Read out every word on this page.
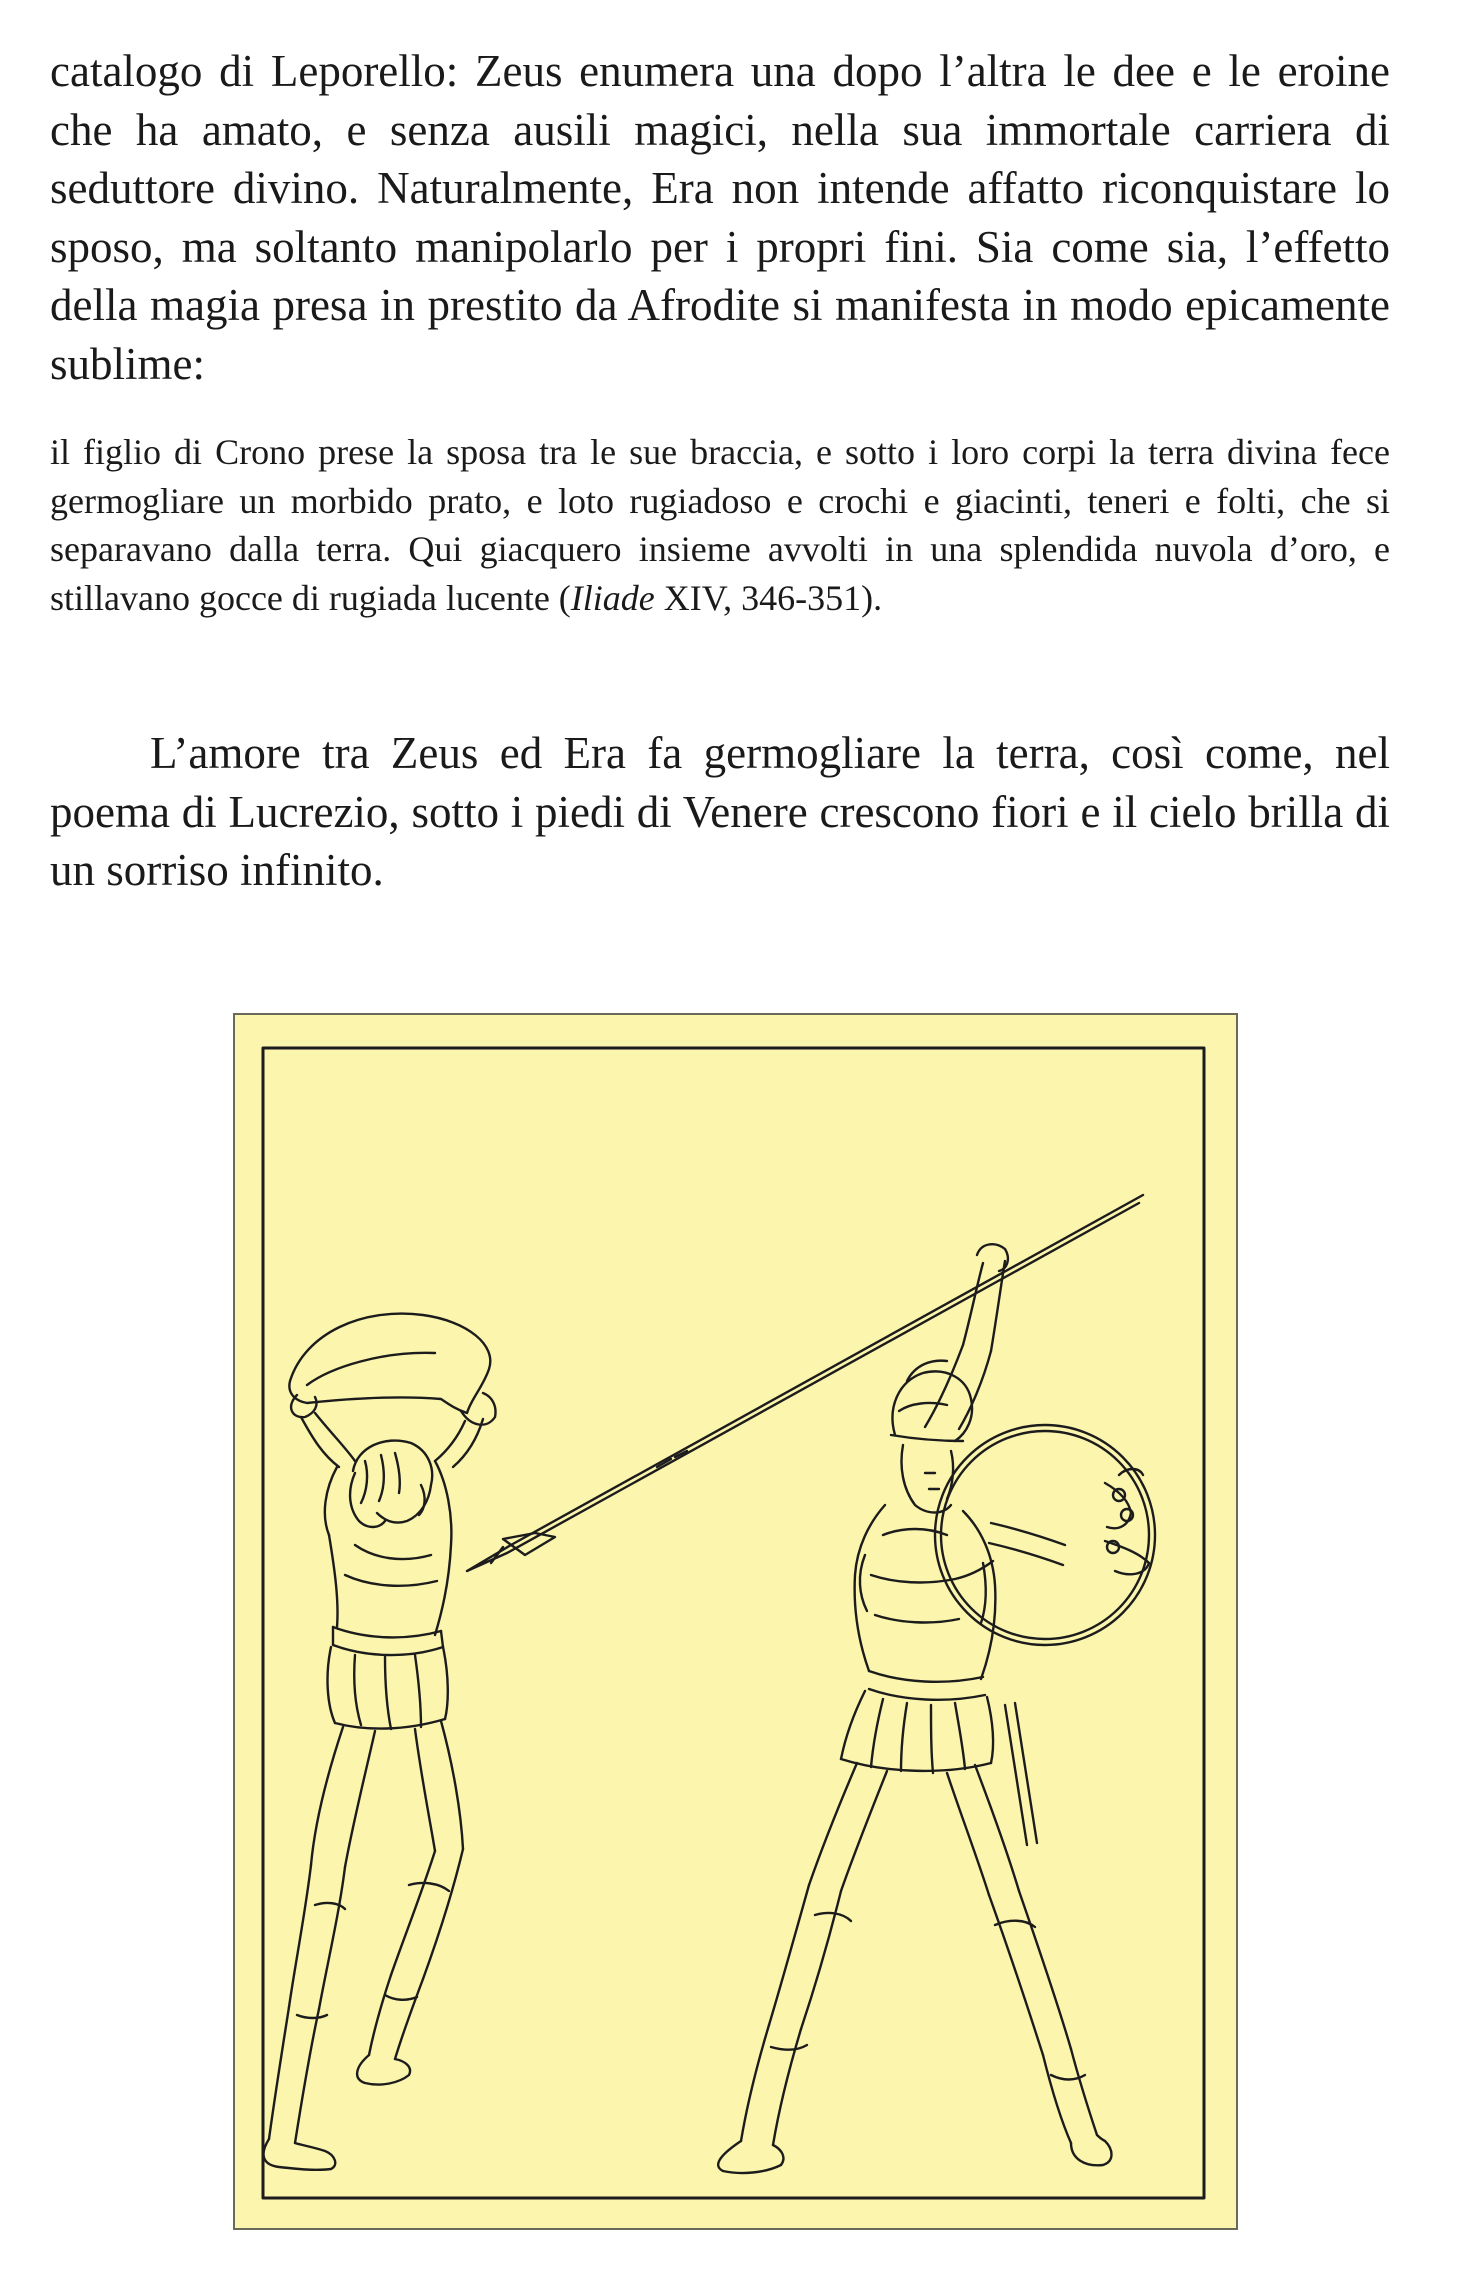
catalogo di Leporello: Zeus enumera una dopo l’altra le dee e le eroine che ha amato, e senza ausili magici, nella sua immortale carriera di seduttore divino. Naturalmente, Era non intende affatto riconquistare lo sposo, ma soltanto manipolarlo per i propri fini. Sia come sia, l’effetto della magia presa in prestito da Afrodite si manifesta in modo epicamente sublime:

il figlio di Crono prese la sposa tra le sue braccia, e sotto i loro corpi la terra divina fece germogliare un morbido prato, e loto rugiadoso e crochi e giacinti, teneri e folti, che si separavano dalla terra. Qui giacquero insieme avvolti in una splendida nuvola d’oro, e stillavano gocce di rugiada lucente (Iliade XIV, 346-351).

L’amore tra Zeus ed Era fa germogliare la terra, così come, nel poema di Lucrezio, sotto i piedi di Venere crescono fiori e il cielo brilla di un sorriso infinito.
